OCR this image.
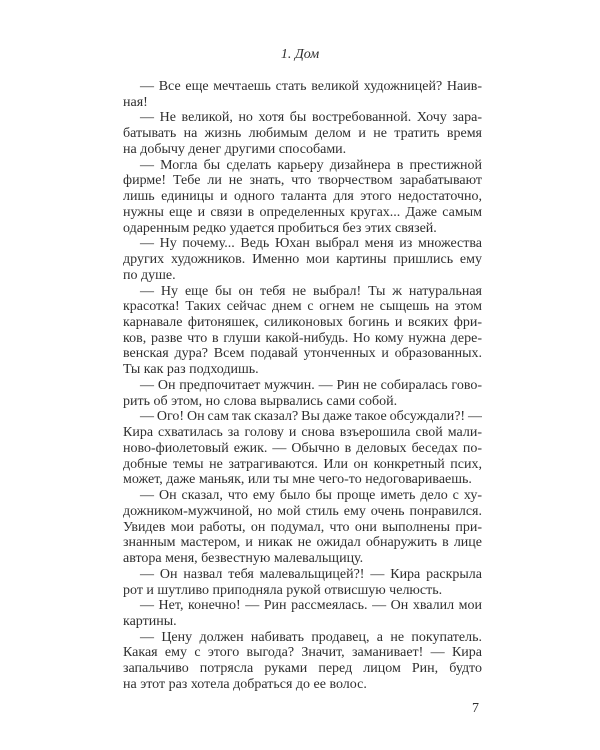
1. Дом
— Все еще мечтаешь стать великой художницей? Наив-
ная!
— Не великой, но хотя бы востребованной. Хочу зара-
батывать на жизнь любимым делом и не тратить время
на добычу денег другими способами.
— Могла бы сделать карьеру дизайнера в престижной
фирме! Тебе ли не знать, что творчеством зарабатывают
лишь единицы и одного таланта для этого недостаточно,
нужны еще и связи в определенных кругах... Даже самым
одаренным редко удается пробиться без этих связей.
— Ну почему... Ведь Юхан выбрал меня из множества
других художников. Именно мои картины пришлись ему
по душе.
— Ну еще бы он тебя не выбрал! Ты ж натуральная
красотка! Таких сейчас днем с огнем не сыщешь на этом
карнавале фитоняшек, силиконовых богинь и всяких фри-
ков, разве что в глуши какой-нибудь. Но кому нужна дере-
венская дура? Всем подавай утонченных и образованных.
Ты как раз подходишь.
— Он предпочитает мужчин. — Рин не собиралась гово-
рить об этом, но слова вырвались сами собой.
— Ого! Он сам так сказал? Вы даже такое обсуждали?! —
Кира схватилась за голову и снова взъерошила свой мали-
ново-фиолетовый ежик. — Обычно в деловых беседах по-
добные темы не затрагиваются. Или он конкретный псих,
может, даже маньяк, или ты мне чего-то недоговариваешь.
— Он сказал, что ему было бы проще иметь дело с ху-
дожником-мужчиной, но мой стиль ему очень понравился.
Увидев мои работы, он подумал, что они выполнены при-
знанным мастером, и никак не ожидал обнаружить в лице
автора меня, безвестную малевальщицу.
— Он назвал тебя малевальщицей?! — Кира раскрыла
рот и шутливо приподняла рукой отвисшую челюсть.
— Нет, конечно! — Рин рассмеялась. — Он хвалил мои
картины.
— Цену должен набивать продавец, а не покупатель.
Какая ему с этого выгода? Значит, заманивает! — Кира
запальчиво потрясла руками перед лицом Рин, будто
на этот раз хотела добраться до ее волос.
7
